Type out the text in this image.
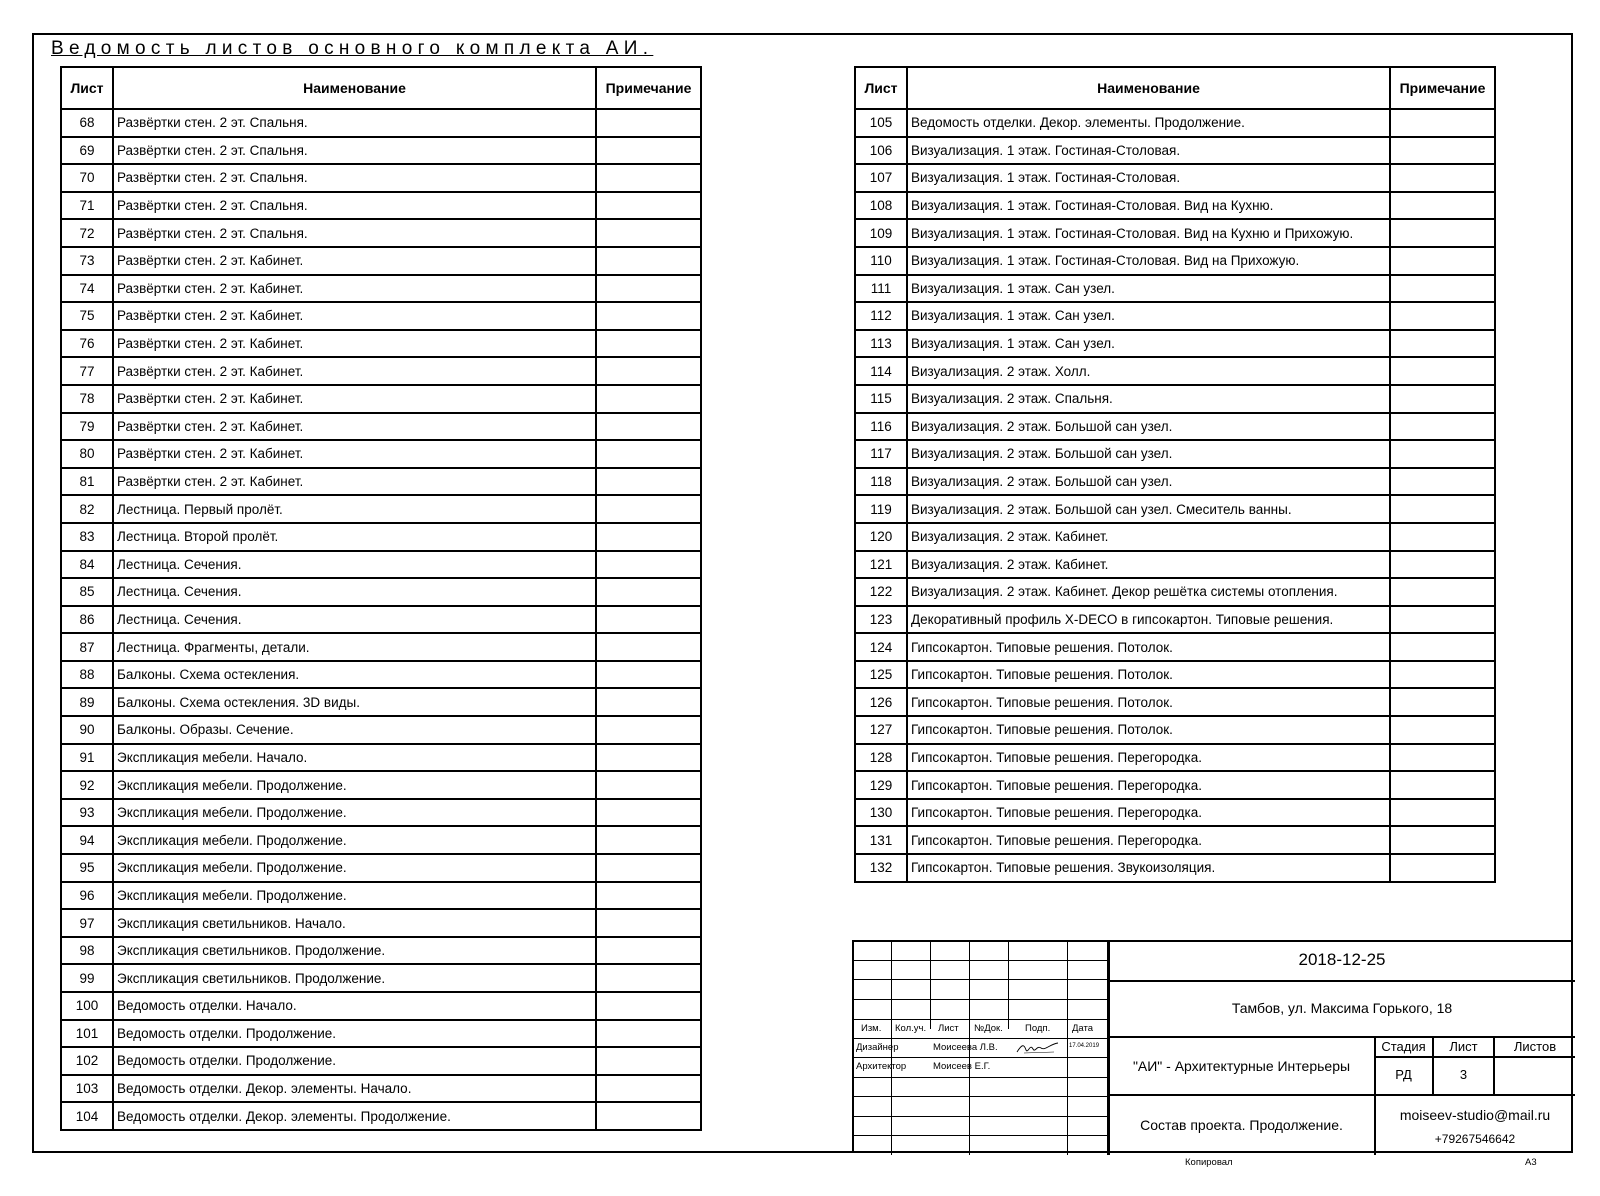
Ведомость листов основного комплекта АИ.
Лист	Наименование	Примечание
68	Развёртки стен. 2 эт. Спальня.	
69	Развёртки стен. 2 эт. Спальня.	
70	Развёртки стен. 2 эт. Спальня.	
71	Развёртки стен. 2 эт. Спальня.	
72	Развёртки стен. 2 эт. Спальня.	
73	Развёртки стен. 2 эт. Кабинет.	
74	Развёртки стен. 2 эт. Кабинет.	
75	Развёртки стен. 2 эт. Кабинет.	
76	Развёртки стен. 2 эт. Кабинет.	
77	Развёртки стен. 2 эт. Кабинет.	
78	Развёртки стен. 2 эт. Кабинет.	
79	Развёртки стен. 2 эт. Кабинет.	
80	Развёртки стен. 2 эт. Кабинет.	
81	Развёртки стен. 2 эт. Кабинет.	
82	Лестница. Первый пролёт.	
83	Лестница. Второй пролёт.	
84	Лестница. Сечения.	
85	Лестница. Сечения.	
86	Лестница. Сечения.	
87	Лестница. Фрагменты, детали.	
88	Балконы. Схема остекления.	
89	Балконы. Схема остекления. 3D виды.	
90	Балконы. Образы. Сечение.	
91	Экспликация мебели. Начало.	
92	Экспликация мебели. Продолжение.	
93	Экспликация мебели. Продолжение.	
94	Экспликация мебели. Продолжение.	
95	Экспликация мебели. Продолжение.	
96	Экспликация мебели. Продолжение.	
97	Экспликация светильников. Начало.	
98	Экспликация светильников. Продолжение.	
99	Экспликация светильников. Продолжение.	
100	Ведомость отделки. Начало.	
101	Ведомость отделки. Продолжение.	
102	Ведомость отделки. Продолжение.	
103	Ведомость отделки. Декор. элементы. Начало.	
104	Ведомость отделки. Декор. элементы. Продолжение.	
Лист	Наименование	Примечание
105	Ведомость отделки. Декор. элементы. Продолжение.	
106	Визуализация. 1 этаж. Гостиная-Столовая.	
107	Визуализация. 1 этаж. Гостиная-Столовая.	
108	Визуализация. 1 этаж. Гостиная-Столовая. Вид на Кухню.	
109	Визуализация. 1 этаж. Гостиная-Столовая. Вид на Кухню и Прихожую.	
110	Визуализация. 1 этаж. Гостиная-Столовая. Вид на Прихожую.	
111	Визуализация. 1 этаж. Сан узел.	
112	Визуализация. 1 этаж. Сан узел.	
113	Визуализация. 1 этаж. Сан узел.	
114	Визуализация. 2 этаж. Холл.	
115	Визуализация. 2 этаж. Спальня.	
116	Визуализация. 2 этаж. Большой сан узел.	
117	Визуализация. 2 этаж. Большой сан узел.	
118	Визуализация. 2 этаж. Большой сан узел.	
119	Визуализация. 2 этаж. Большой сан узел. Смеситель ванны.	
120	Визуализация. 2 этаж. Кабинет.	
121	Визуализация. 2 этаж. Кабинет.	
122	Визуализация. 2 этаж. Кабинет. Декор решётка системы отопления.	
123	Декоративный профиль X-DECO в гипсокартон. Типовые решения.	
124	Гипсокартон. Типовые решения. Потолок.	
125	Гипсокартон. Типовые решения. Потолок.	
126	Гипсокартон. Типовые решения. Потолок.	
127	Гипсокартон. Типовые решения. Потолок.	
128	Гипсокартон. Типовые решения. Перегородка.	
129	Гипсокартон. Типовые решения. Перегородка.	
130	Гипсокартон. Типовые решения. Перегородка.	
131	Гипсокартон. Типовые решения. Перегородка.	
132	Гипсокартон. Типовые решения. Звукоизоляция.	
Изм. Кол.уч. Лист №Док. Подп. Дата
Дизайнер	Моисеева Л.В.	17.04.2019
Архитектор	Моисеев Е.Г.
2018-12-25
Тамбов, ул. Максима Горького, 18
"АИ" - Архитектурные Интерьеры
Стадия	Лист	Листов
РД	3
Состав проекта. Продолжение.
moiseev-studio@mail.ru
+79267546642
Копировал	A3
